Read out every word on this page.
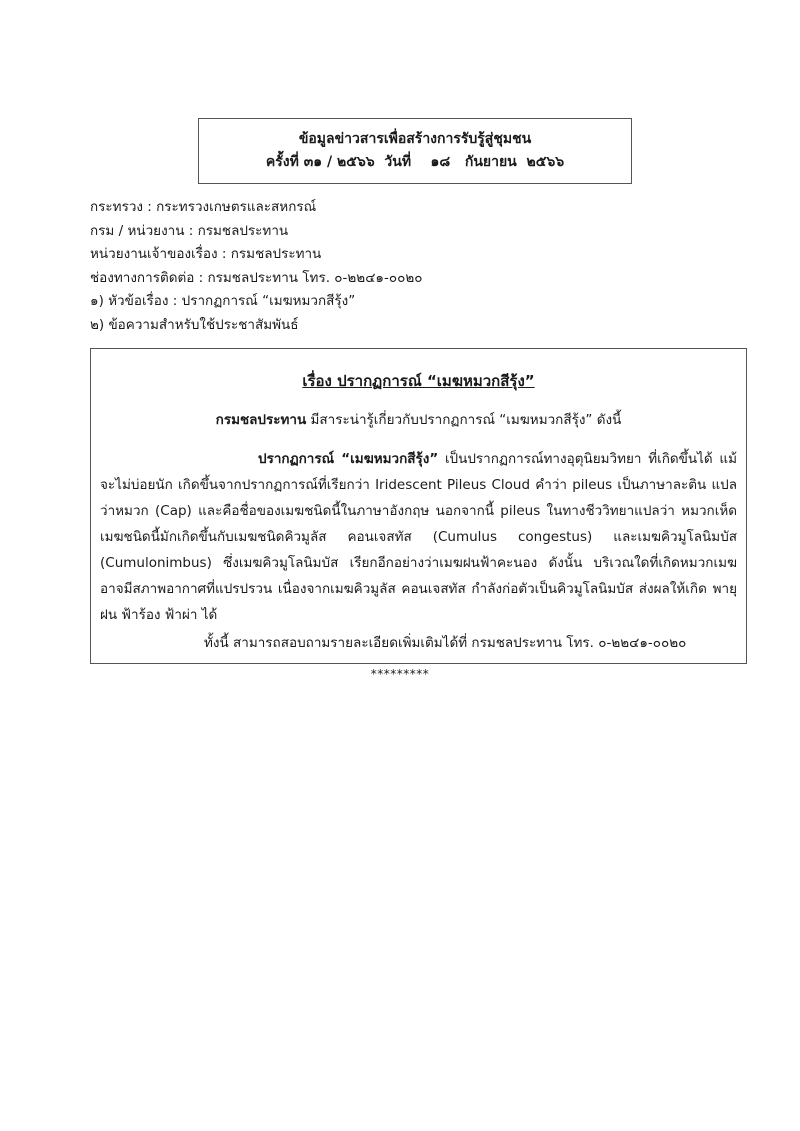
ข้อมูลข่าวสารเพื่อสร้างการรับรู้สู่ชุมชน
ครั้งที่ ๓๑ / ๒๕๖๖  วันที่    ๑๘   กันยายน  ๒๕๖๖
กระทรวง : กระทรวงเกษตรและสหกรณ์
กรม / หน่วยงาน : กรมชลประทาน
หน่วยงานเจ้าของเรื่อง : กรมชลประทาน
ช่องทางการติดต่อ : กรมชลประทาน โทร. ๐-๒๒๔๑-๐๐๒๐
๑) หัวข้อเรื่อง : ปรากฏการณ์ “เมฆหมวกสีรุ้ง”
๒) ข้อความสำหรับใช้ประชาสัมพันธ์
เรื่อง ปรากฏการณ์ “เมฆหมวกสีรุ้ง”
กรมชลประทาน มีสาระน่ารู้เกี่ยวกับปรากฏการณ์ “เมฆหมวกสีรุ้ง” ดังนี้
ปรากฏการณ์ “เมฆหมวกสีรุ้ง” เป็นปรากฏการณ์ทางอุตุนิยมวิทยา ที่เกิดขึ้นได้ แม้จะไม่บ่อยนัก เกิดขึ้นจากปรากฏการณ์ที่เรียกว่า Iridescent Pileus Cloud คำว่า pileus เป็นภาษาละติน แปลว่าหมวก (Cap) และคือชื่อของเมฆชนิดนี้ในภาษาอังกฤษ นอกจากนี้ pileus ในทางชีววิทยาแปลว่า หมวกเห็ด เมฆชนิดนี้มักเกิดขึ้นกับเมฆชนิดคิวมูลัส คอนเจสทัส (Cumulus congestus) และเมฆคิวมูโลนิมบัส (Cumulonimbus) ซึ่งเมฆคิวมูโลนิมบัส เรียกอีกอย่างว่าเมฆฝนฟ้าคะนอง ดังนั้น บริเวณใดที่เกิดหมวกเมฆ อาจมีสภาพอากาศที่แปรปรวน เนื่องจากเมฆคิวมูลัส คอนเจสทัส กำลังก่อตัวเป็นคิวมูโลนิมบัส ส่งผลให้เกิด พายุฝน ฟ้าร้อง ฟ้าผ่า ได้
ทั้งนี้ สามารถสอบถามรายละเอียดเพิ่มเติมได้ที่ กรมชลประทาน โทร. ๐-๒๒๔๑-๐๐๒๐
*********
